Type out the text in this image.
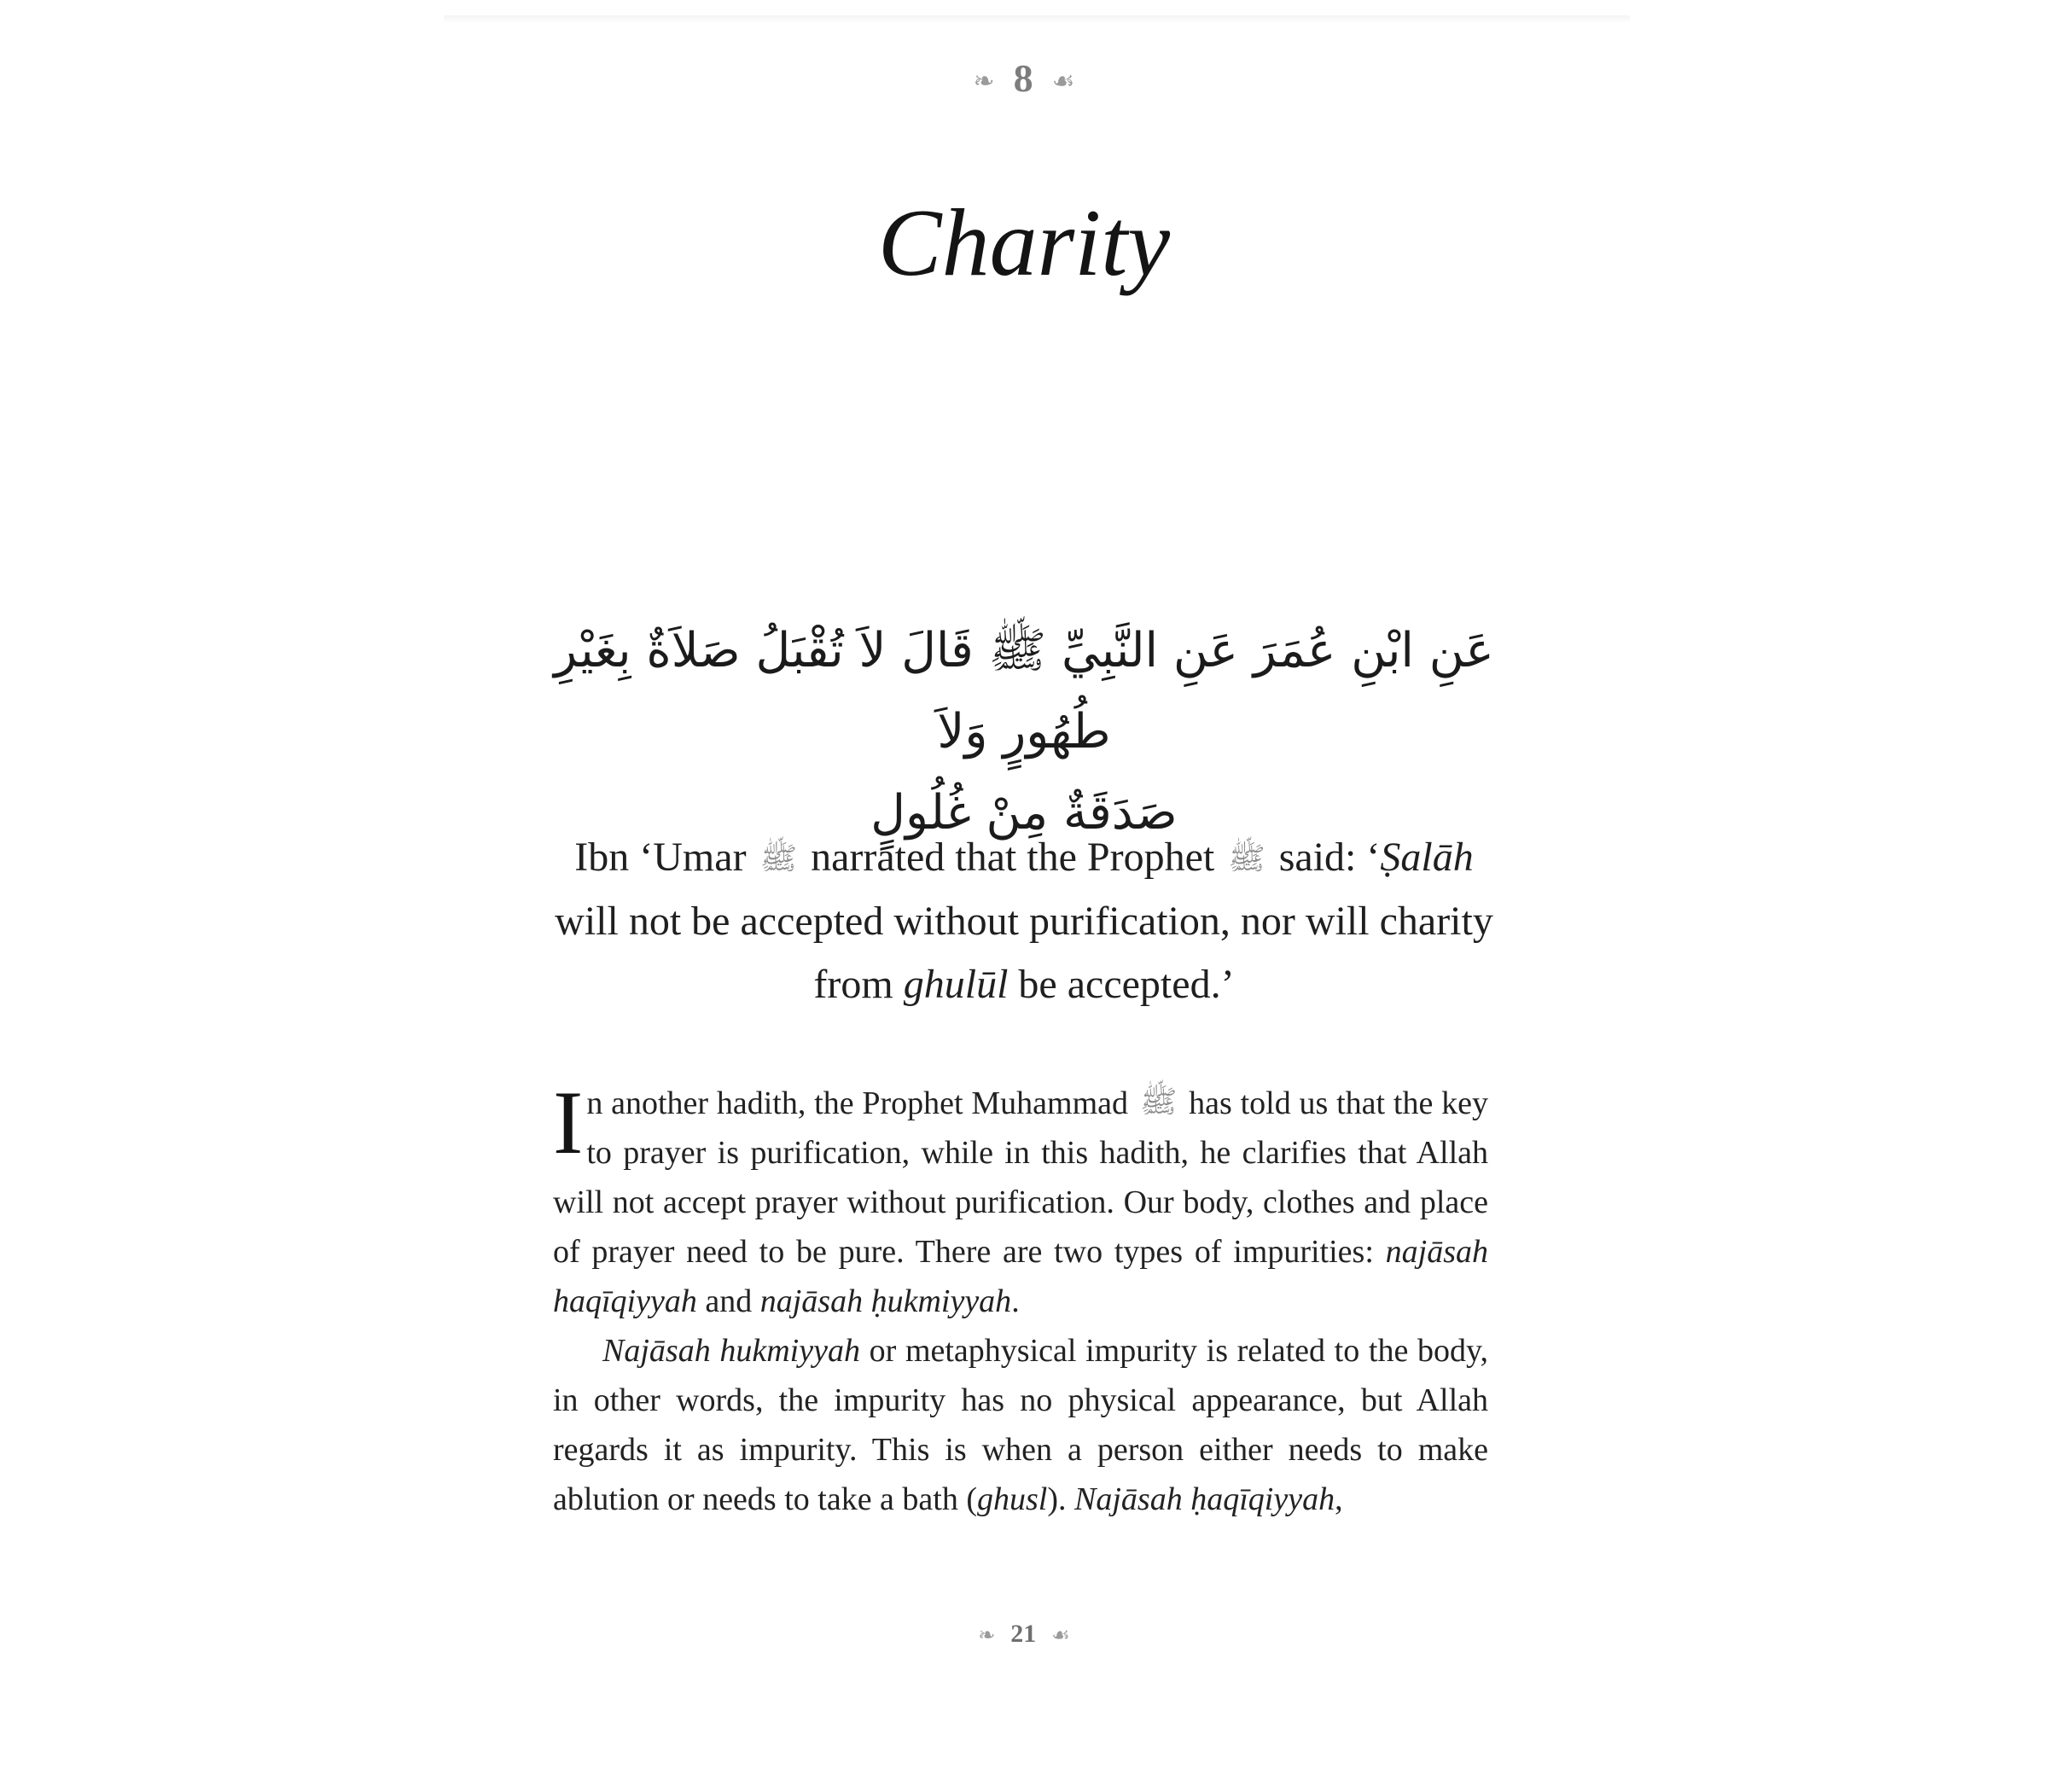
❧ 8 ☙
Charity
عَنِ ابْنِ عُمَرَ عَنِ النَّبِيِّ ﷺ قَالَ لاَ تُقْبَلُ صَلاَةٌ بِغَيْرِ طُهُورٍ وَلاَ
صَدَقَةٌ مِنْ غُلُولٍ
Ibn ‘Umar ﷺ narrated that the Prophet ﷺ said: ‘Ṣalāh will not be accepted without purification, nor will charity from ghulūl be accepted.’

In another hadith, the Prophet Muhammad ﷺ has told us that the key to prayer is purification, while in this hadith, he clarifies that Allah will not accept prayer without purification. Our body, clothes and place of prayer need to be pure. There are two types of impurities: najāsah haqīqiyyah and najāsah ḥukmiyyah.

Najāsah hukmiyyah or metaphysical impurity is related to the body, in other words, the impurity has no physical appearance, but Allah regards it as impurity. This is when a person either needs to make ablution or needs to take a bath (ghusl). Najāsah ḥaqīqiyyah,

❧ 21 ☙
